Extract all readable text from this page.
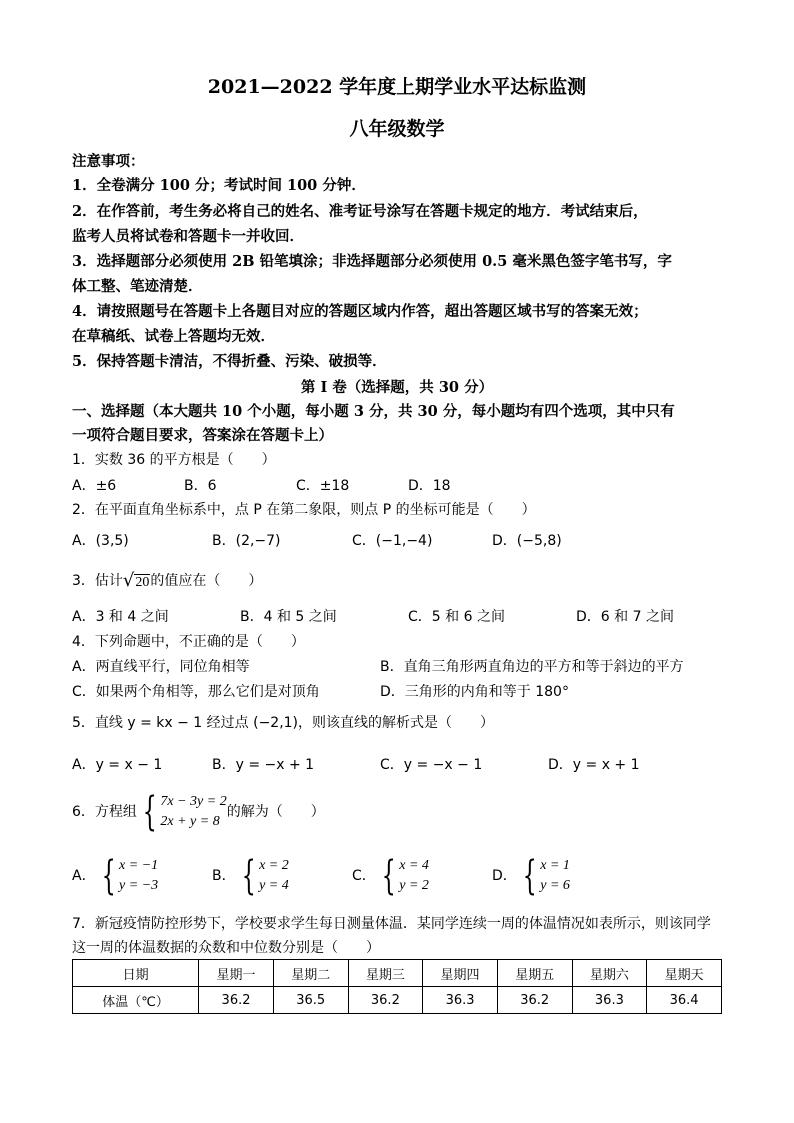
2021—2022 学年度上期学业水平达标监测
八年级数学
注意事项：
1．全卷满分 100 分；考试时间 100 分钟．
2．在作答前，考生务必将自己的姓名、准考证号涂写在答题卡规定的地方．考试结束后，
监考人员将试卷和答题卡一并收回．
3．选择题部分必须使用 2B 铅笔填涂；非选择题部分必须使用 0.5 毫米黑色签字笔书写，字
体工整、笔迹清楚．
4．请按照题号在答题卡上各题目对应的答题区域内作答，超出答题区域书写的答案无效；
在草稿纸、试卷上答题均无效．
5．保持答题卡清洁，不得折叠、污染、破损等．
第 I 卷（选择题，共 30 分）
一、选择题（本大题共 10 个小题，每小题 3 分，共 30 分，每小题均有四个选项，其中只有
一项符合题目要求，答案涂在答题卡上）
1．实数 36 的平方根是（　　）
A．±6	B．6	C．±18	D．18
2．在平面直角坐标系中，点 P 在第二象限，则点 P 的坐标可能是（　　）
A．(3,5)	B．(2,−7)	C．(−1,−4)	D．(−5,8)
3．估计 √ 20 的值应在（　　）
A．3 和 4 之间	B．4 和 5 之间	C．5 和 6 之间	D．6 和 7 之间
4．下列命题中，不正确的是（　　）
A．两直线平行，同位角相等	B．直角三角形两直角边的平方和等于斜边的平方
C．如果两个角相等，那么它们是对顶角	D．三角形的内角和等于 180°
5．直线 y = kx − 1 经过点 (−2,1)，则该直线的解析式是（　　）
A．y = x − 1	B．y = −x + 1	C．y = −x − 1	D．y = x + 1
6．方程组 { 7x − 3y = 2
2x + y = 8
的解为（　　）
A． { x = −1
y = −3
B． { x = 2
y = 4
C． { x = 4
y = 2
D． { x = 1
y = 6
7．新冠疫情防控形势下，学校要求学生每日测量体温．某同学连续一周的体温情况如表所示，则该同学
这一周的体温数据的众数和中位数分别是（　　）
日期	星期一	星期二	星期三	星期四	星期五	星期六	星期天
体温（℃）	36.2	36.5	36.2	36.3	36.2	36.3	36.4
